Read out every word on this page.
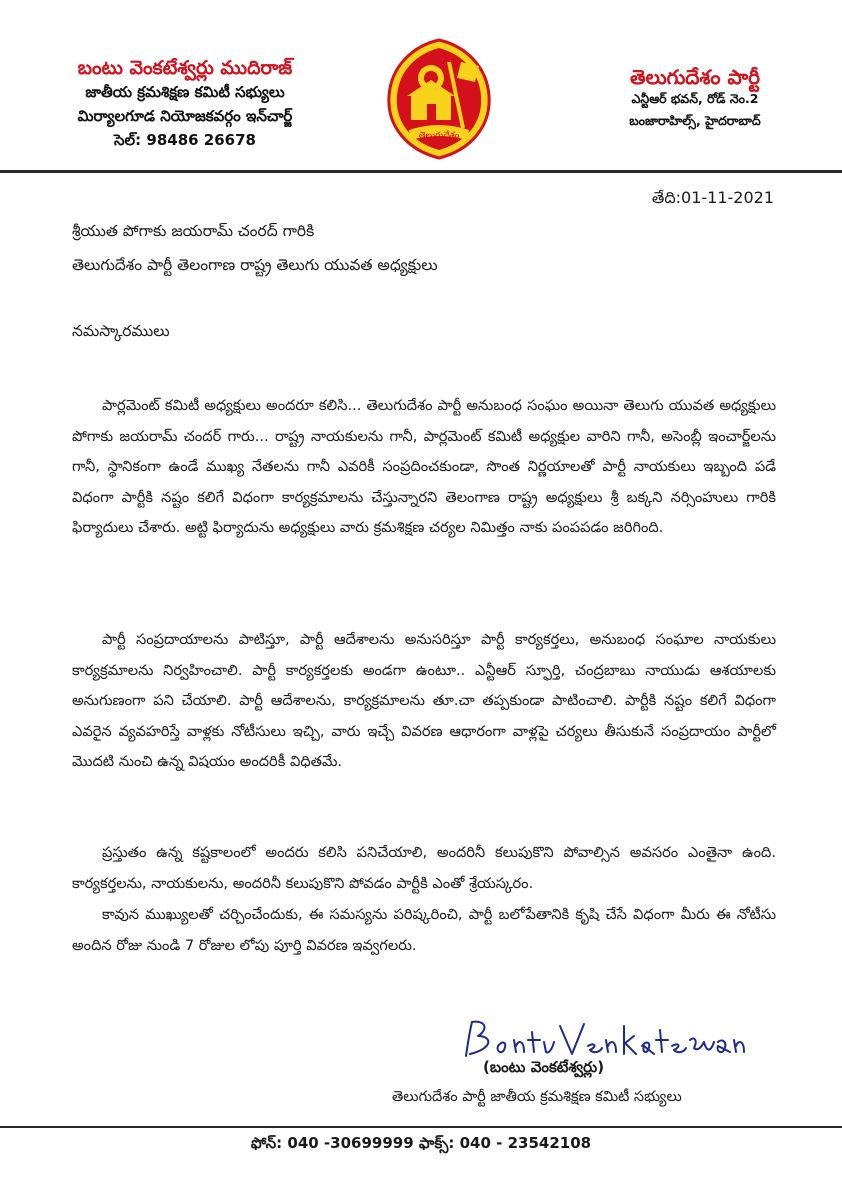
బంటు వెంకటేశ్వర్లు ముదిరాజ్
జాతీయ క్రమశిక్షణ కమిటీ సభ్యులు
మిర్యాలగూడ నియోజకవర్గం ఇన్‌చార్జ్
సెల్: 98486 26678	తెలుగుదేశం
తెలుగుదేశం పార్టీ
ఎన్టీఆర్ భవన్, రోడ్ నెం.2
బంజారాహిల్స్, హైదరాబాద్
తేది:01-11-2021
శ్రీయుత పోగాకు జయరామ్ చంరద్ గారికి
తెలుగుదేశం పార్టీ తెలంగాణ రాష్ట్ర తెలుగు యువత అధ్యక్షులు
నమస్కారములు
పార్లమెంట్ కమిటీ అధ్యక్షులు అందరూ కలిసి... తెలుగుదేశం పార్టీ అనుబంధ సంఘం అయినా తెలుగు యువత అధ్యక్షులు పోగాకు జయరామ్ చందర్ గారు... రాష్ట్ర నాయకులను గానీ, పార్లమెంట్ కమిటీ అధ్యక్షుల వారిని గానీ, అసెంబ్లీ ఇంచార్జ్‌లను గానీ, స్థానికంగా ఉండే ముఖ్య నేతలను గానీ ఎవరికీ సంప్రదించకుండా, సొంత నిర్ణయాలతో పార్టీ నాయకులు ఇబ్బంది పడే విధంగా పార్టీకి నష్టం కలిగే విధంగా కార్యక్రమాలను చేస్తున్నారని తెలంగాణ రాష్ట్ర అధ్యక్షులు శ్రీ బక్కని నర్సింహులు గారికి ఫిర్యాదులు చేశారు. అట్టి ఫిర్యాదును అధ్యక్షులు వారు క్రమశిక్షణ చర్యల నిమిత్తం నాకు పంపపడం జరిగింది.
పార్టీ సంప్రదాయాలను పాటిస్తూ, పార్టీ ఆదేశాలను అనుసరిస్తూ పార్టీ కార్యకర్తలు, అనుబంధ సంఘాల నాయకులు కార్యక్రమాలను నిర్వహించాలి. పార్టీ కార్యకర్తలకు అండగా ఉంటూ.. ఎన్టీఆర్ స్ఫూర్తి, చంద్రబాబు నాయుడు ఆశయాలకు అనుగుణంగా పని చేయాలి. పార్టీ ఆదేశాలను, కార్యక్రమాలను తూ.చా తప్పకుండా పాటించాలి. పార్టీకి నష్టం కలిగే విధంగా ఎవరైన వ్యవహరిస్తే వాళ్లకు నోటీసులు ఇచ్చి, వారు ఇచ్చే వివరణ ఆధారంగా వాళ్లపై చర్యలు తీసుకునే సంప్రదాయం పార్టీలో మొదటి నుంచి ఉన్న విషయం అందరికీ విధితమే.
ప్రస్తుతం ఉన్న కష్టకాలంలో అందరు కలిసి పనిచేయాలి, అందరినీ కలుపుకొని పోవాల్సిన అవసరం ఎంతైనా ఉంది. కార్యకర్తలను, నాయకులను, అందరినీ కలుపుకొని పోవడం పార్టీకి ఎంతో శ్రేయస్కరం.
కావున ముఖ్యులతో చర్చించేందుకు, ఈ సమస్యను పరిష్కరించి, పార్టీ బలోపేతానికి కృషి చేసే విధంగా మీరు ఈ నోటీసు అందిన రోజు నుండి 7 రోజుల లోపు పూర్తి వివరణ ఇవ్వగలరు.
(బంటు వెంకటేశ్వర్లు)
తెలుగుదేశం పార్టీ జాతీయ క్రమశిక్షణ కమిటీ సభ్యులు
ఫోన్: 040 -30699999 ఫాక్స్: 040 - 23542108
